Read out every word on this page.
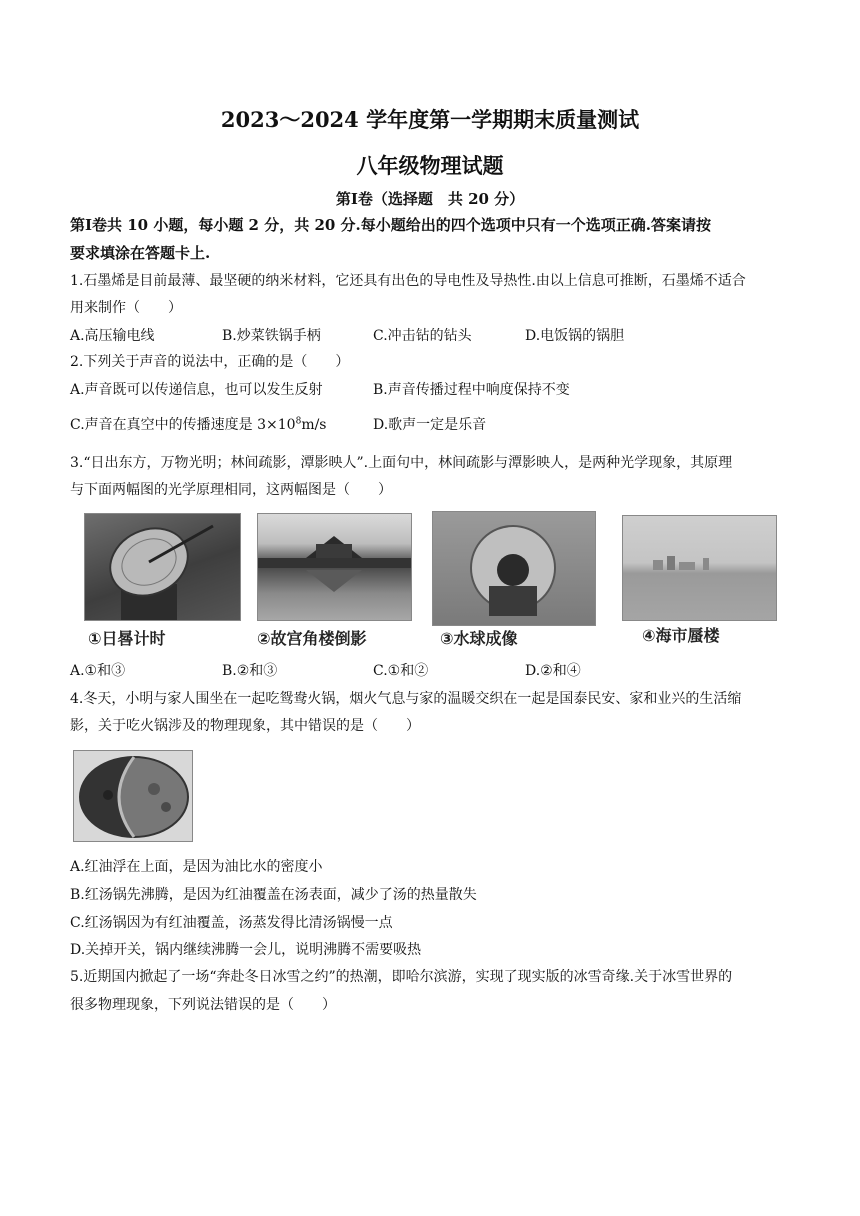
2023～2024 学年度第一学期期末质量测试
八年级物理试题
第Ⅰ卷（选择题　共 20 分）
第Ⅰ卷共 10 小题，每小题 2 分，共 20 分.每小题给出的四个选项中只有一个选项正确.答案请按
要求填涂在答题卡上.
1.石墨烯是目前最薄、最坚硬的纳米材料，它还具有出色的导电性及导热性.由以上信息可推断，石墨烯不适合
用来制作（　　）
A.高压输电线	B.炒菜铁锅手柄	C.冲击钻的钻头	D.电饭锅的锅胆
2.下列关于声音的说法中，正确的是（　　）
A.声音既可以传递信息，也可以发生反射	B.声音传播过程中响度保持不变
C.声音在真空中的传播速度是 $3\times 10^8m/s$	D.歌声一定是乐音
3.“日出东方，万物光明；林间疏影，潭影映人”.上面句中，林间疏影与潭影映人，是两种光学现象，其原理
与下面两幅图的光学原理相同，这两幅图是（　　）
①日晷计时	②故宫角楼倒影	③水球成像	④海市蜃楼
A.①和③	B.②和③	C.①和②	D.②和④
4.冬天，小明与家人围坐在一起吃鸳鸯火锅，烟火气息与家的温暖交织在一起是国泰民安、家和业兴的生活缩
影，关于吃火锅涉及的物理现象，其中错误的是（　　）
A.红油浮在上面，是因为油比水的密度小
B.红汤锅先沸腾，是因为红油覆盖在汤表面，减少了汤的热量散失
C.红汤锅因为有红油覆盖，汤蒸发得比清汤锅慢一点
D.关掉开关，锅内继续沸腾一会儿，说明沸腾不需要吸热
5.近期国内掀起了一场“奔赴冬日冰雪之约”的热潮，即哈尔滨游，实现了现实版的冰雪奇缘.关于冰雪世界的
很多物理现象，下列说法错误的是（　　）
